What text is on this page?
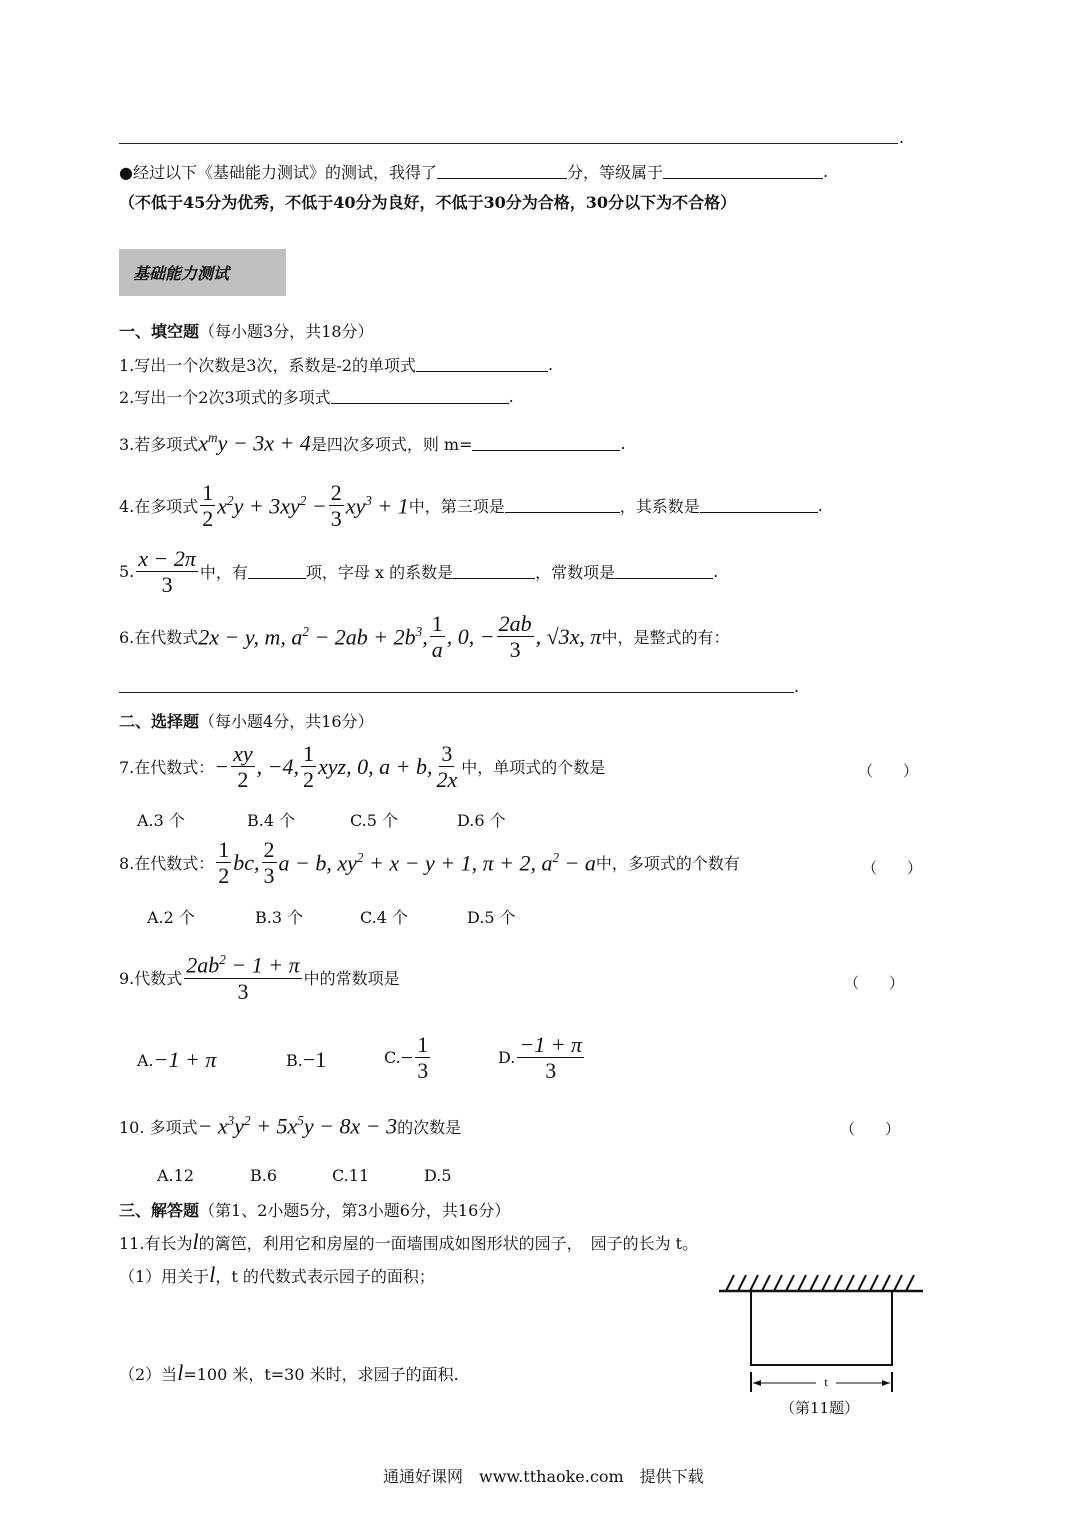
.
●经过以下《基础能力测试》的测试，我得了	分，等级属于	.
（不低于45分为优秀，不低于40分为良好，不低于30分为合格，30分以下为不合格）
基础能力测试
一、填空题 （每小题3分，共18分）
1.写出一个次数是3次，系数是-2的单项式	.
2.写出一个2次3项式的多项式	.
3.若多项式 $x^my - 3x + 4$ 是四次多项式，则 m=	.
4.在多项式 $\frac{1}{2} x^2y + 3xy^2 - \frac{2}{3} xy^3 + 1$ 中，第三项是	，其系数是	.
5. $\frac{x - 2\pi}{3}$ 中，有	项，字母 x 的系数是	，常数项是	.
6.在代数式 2x − y, m, $a^2 - 2ab + 2b^3$, $\frac{1}{a}$ , 0, − $\frac{2ab}{3}$ , √3x, π 中，是整式的有：
.
二、选择题 （每小题4分，共16分）
7.在代数式： − $\frac{xy}{2}$ , −4, $\frac{1}{2}$ xyz, 0, a + b, $\frac{3}{2x}$ 中，单项式的个数是	（　　）
A.3 个	B.4 个	C.5 个	D.6 个
8.在代数式： $\frac{1}{2}$ bc, $\frac{2}{3}$ a − b, $xy^2 + x - y + 1$, π + 2, $a^2 - a$ 中，多项式的个数有	（　　）
A.2 个	B.3 个	C.4 个	D.5 个
9.代数式 $\frac{2ab^2 - 1 + \pi}{3}$ 中的常数项是	（　　）
A. −1 + π	B. −1	C. − $\frac{1}{3}$	D. $\frac{-1 + \pi}{3}$
10. 多项式 − $x^3y^2 + 5x^5y - 8x - 3$ 的次数是	（　　）
A.12	B.6	C.11	D.5
三、解答题 （第1、2小题5分，第3小题6分，共16分）
11.有长为 l 的篱笆，利用它和房屋的一面墙围成如图形状的园子，　园子的长为 t。
（1）用关于 l ，t 的代数式表示园子的面积；
（2）当 l =100 米，t=30 米时，求园子的面积.	t
（第11题）
通通好课网　www.tthaoke.com　提供下载
